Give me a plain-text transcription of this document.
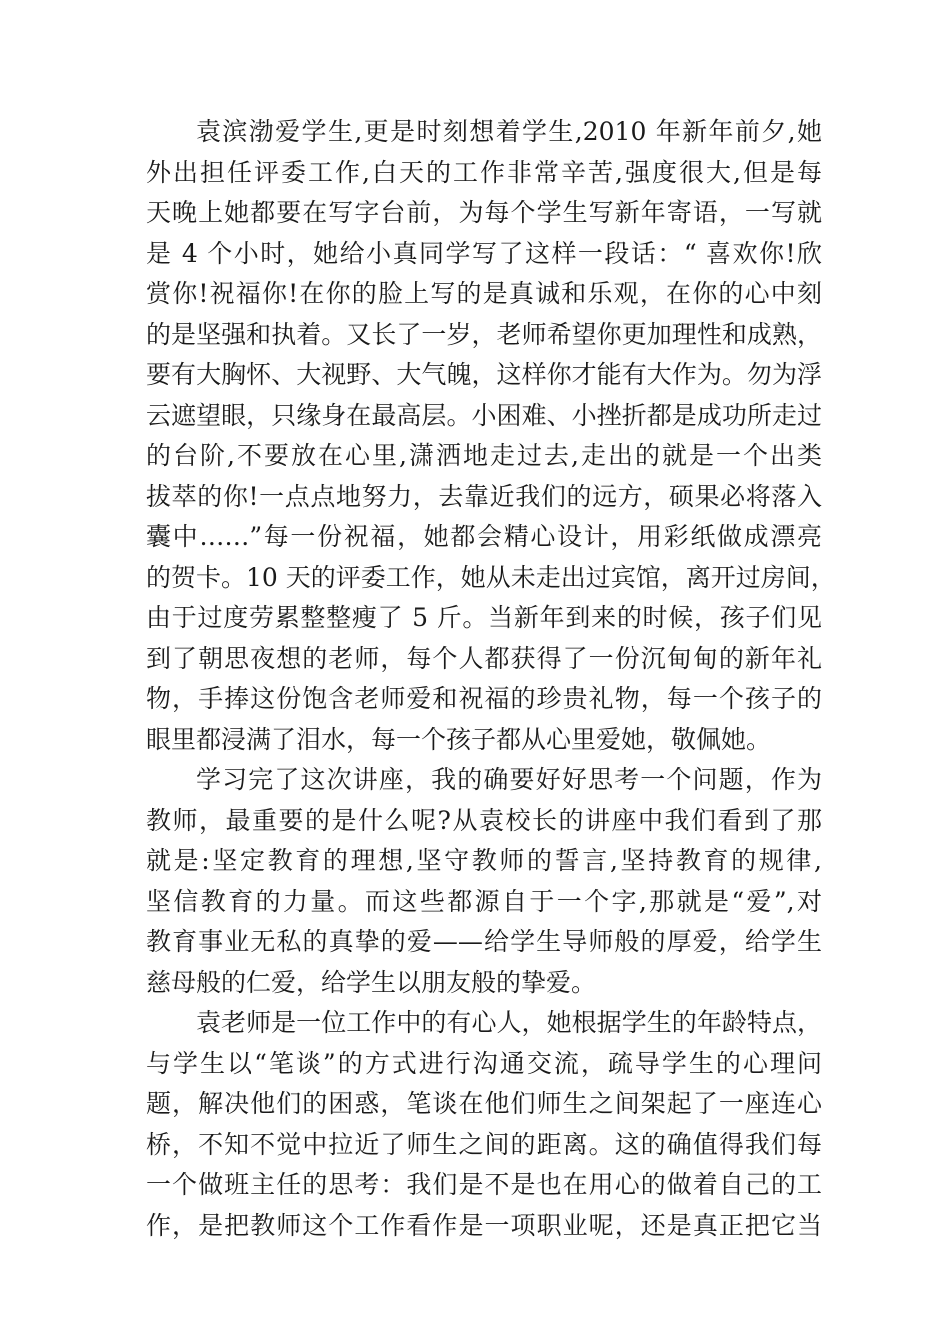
袁滨渤爱学生,更是时刻想着学生,2010 年新年前夕,她
外出担任评委工作,白天的工作非常辛苦,强度很大,但是每
天晚上她都要在写字台前，为每个学生写新年寄语，一写就
是 4 个小时，她给小真同学写了这样一段话：“ 喜欢你!欣
赏你!祝福你!在你的脸上写的是真诚和乐观，在你的心中刻
的是坚强和执着。又长了一岁，老师希望你更加理性和成熟，
要有大胸怀、大视野、大气魄，这样你才能有大作为。勿为浮
云遮望眼，只缘身在最高层。小困难、小挫折都是成功所走过
的台阶,不要放在心里,潇洒地走过去,走出的就是一个出类
拔萃的你!一点点地努力，去靠近我们的远方，硕果必将落入
囊中……”每一份祝福，她都会精心设计，用彩纸做成漂亮
的贺卡。10 天的评委工作，她从未走出过宾馆，离开过房间，
由于过度劳累整整瘦了 5 斤。当新年到来的时候，孩子们见
到了朝思夜想的老师，每个人都获得了一份沉甸甸的新年礼
物，手捧这份饱含老师爱和祝福的珍贵礼物，每一个孩子的
眼里都浸满了泪水，每一个孩子都从心里爱她，敬佩她。
学习完了这次讲座，我的确要好好思考一个问题，作为
教师，最重要的是什么呢?从袁校长的讲座中我们看到了那
就是:坚定教育的理想,坚守教师的誓言,坚持教育的规律,
坚信教育的力量。而这些都源自于一个字,那就是“爱”,对
教育事业无私的真挚的爱——给学生导师般的厚爱，给学生
慈母般的仁爱，给学生以朋友般的挚爱。
袁老师是一位工作中的有心人，她根据学生的年龄特点，
与学生以“笔谈”的方式进行沟通交流，疏导学生的心理问
题，解决他们的困惑，笔谈在他们师生之间架起了一座连心
桥，不知不觉中拉近了师生之间的距离。这的确值得我们每
一个做班主任的思考：我们是不是也在用心的做着自己的工
作，是把教师这个工作看作是一项职业呢，还是真正把它当
